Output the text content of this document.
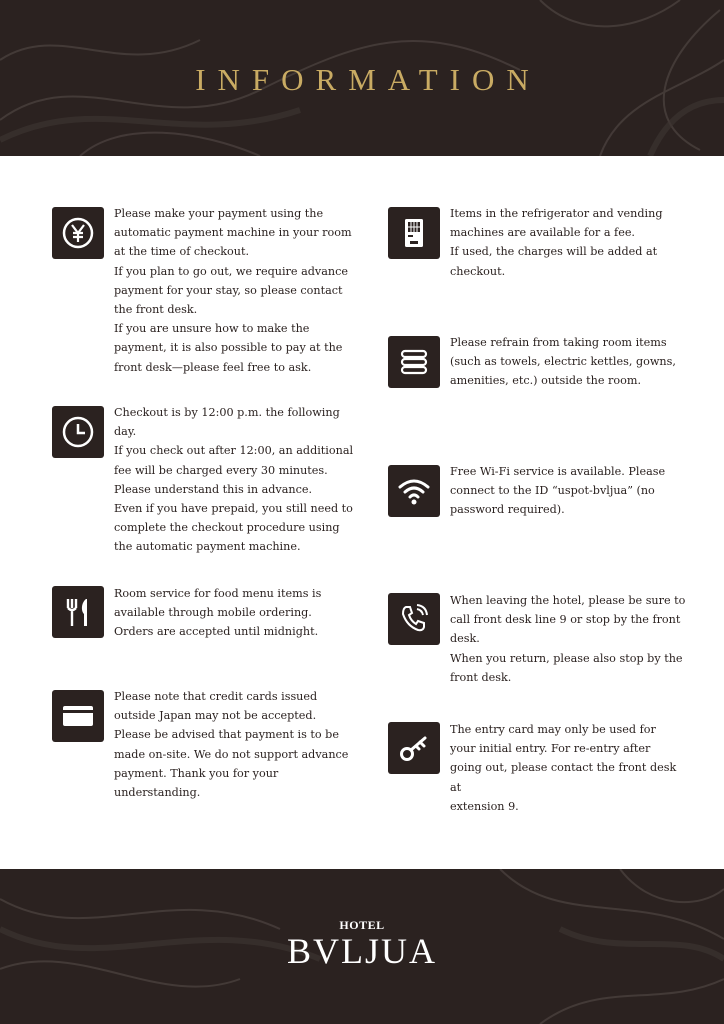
INFORMATION
Please make your payment using the
automatic payment machine in your room
at the time of checkout.
If you plan to go out, we require advance
payment for your stay, so please contact
the front desk.
If you are unsure how to make the
payment, it is also possible to pay at the
front desk—please feel free to ask.
Checkout is by 12:00 p.m. the following
day.
If you check out after 12:00, an additional
fee will be charged every 30 minutes.
Please understand this in advance.
Even if you have prepaid, you still need to
complete the checkout procedure using
the automatic payment machine.
Room service for food menu items is
available through mobile ordering.
Orders are accepted until midnight.
Please note that credit cards issued
outside Japan may not be accepted.
Please be advised that payment is to be
made on-site. We do not support advance
payment. Thank you for your
understanding.
Items in the refrigerator and vending
machines are available for a fee.
If used, the charges will be added at
checkout.
Please refrain from taking room items
(such as towels, electric kettles, gowns,
amenities, etc.) outside the room.
Free Wi-Fi service is available. Please
connect to the ID “uspot-bvljua” (no
password required).
When leaving the hotel, please be sure to
call front desk line 9 or stop by the front
desk.
When you return, please also stop by the
front desk.
The entry card may only be used for
your initial entry. For re-entry after
going out, please contact the front desk at
extension 9.
HOTEL
BVLJUA
